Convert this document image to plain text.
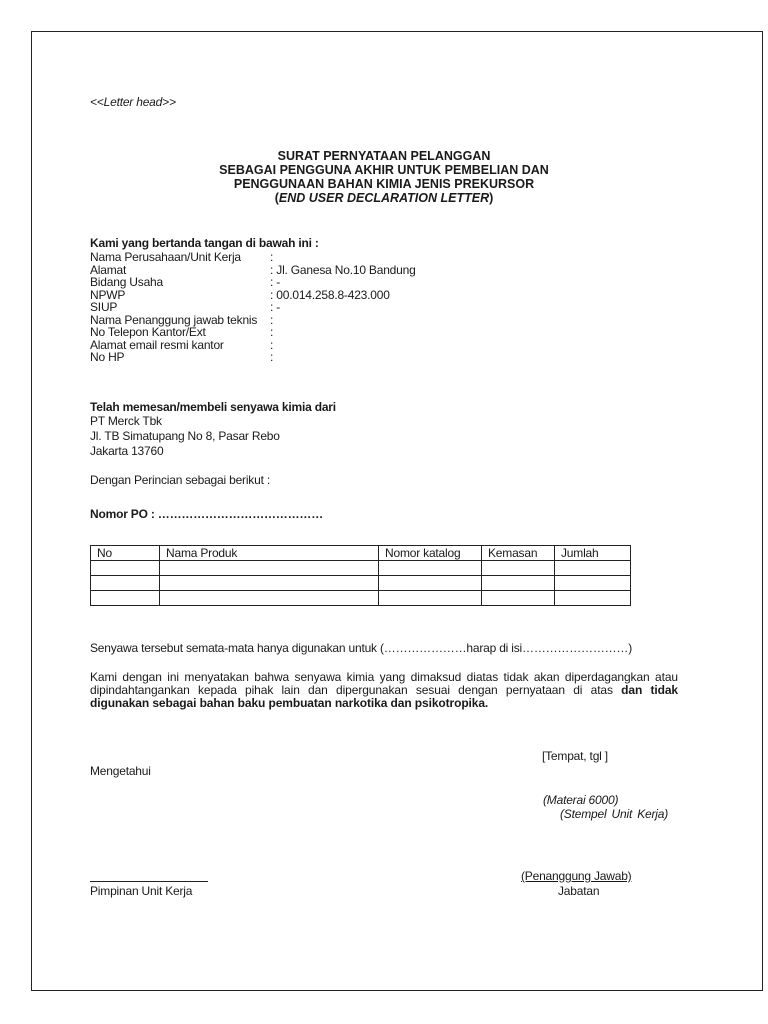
<<Letter head>>
SURAT PERNYATAAN PELANGGAN
SEBAGAI PENGGUNA AKHIR UNTUK PEMBELIAN DAN
PENGGUNAAN BAHAN KIMIA JENIS PREKURSOR
(END USER DECLARATION LETTER)
Kami yang bertanda tangan di bawah ini :
Nama Perusahaan/Unit Kerja :
Alamat	: Jl. Ganesa No.10 Bandung
Bidang Usaha	: -
NPWP	: 00.014.258.8-423.000
SIUP	: -
Nama Penanggung jawab teknis :
No Telepon Kantor/Ext	:
Alamat email resmi kantor	:
No HP	:
Telah memesan/membeli senyawa kimia dari
PT Merck Tbk
Jl. TB Simatupang No 8, Pasar Rebo
Jakarta 13760
Dengan Perincian sebagai berikut :
Nomor PO : ……………………………………
No	Nama Produk	Nomor katalog	Kemasan	Jumlah

Senyawa tersebut semata-mata hanya digunakan untuk (…………………harap di isi………………………)
Kami dengan ini menyatakan bahwa senyawa kimia yang dimaksud diatas tidak akan diperdagangkan atau dipindahtangankan kepada pihak lain dan dipergunakan sesuai dengan pernyataan di atas dan tidak digunakan sebagai bahan baku pembuatan narkotika dan psikotropika.
[Tempat, tgl ]
Mengetahui
(Materai 6000)
(Stempel Unit Kerja)
(Penanggung Jawab)
Pimpinan Unit Kerja	Jabatan
